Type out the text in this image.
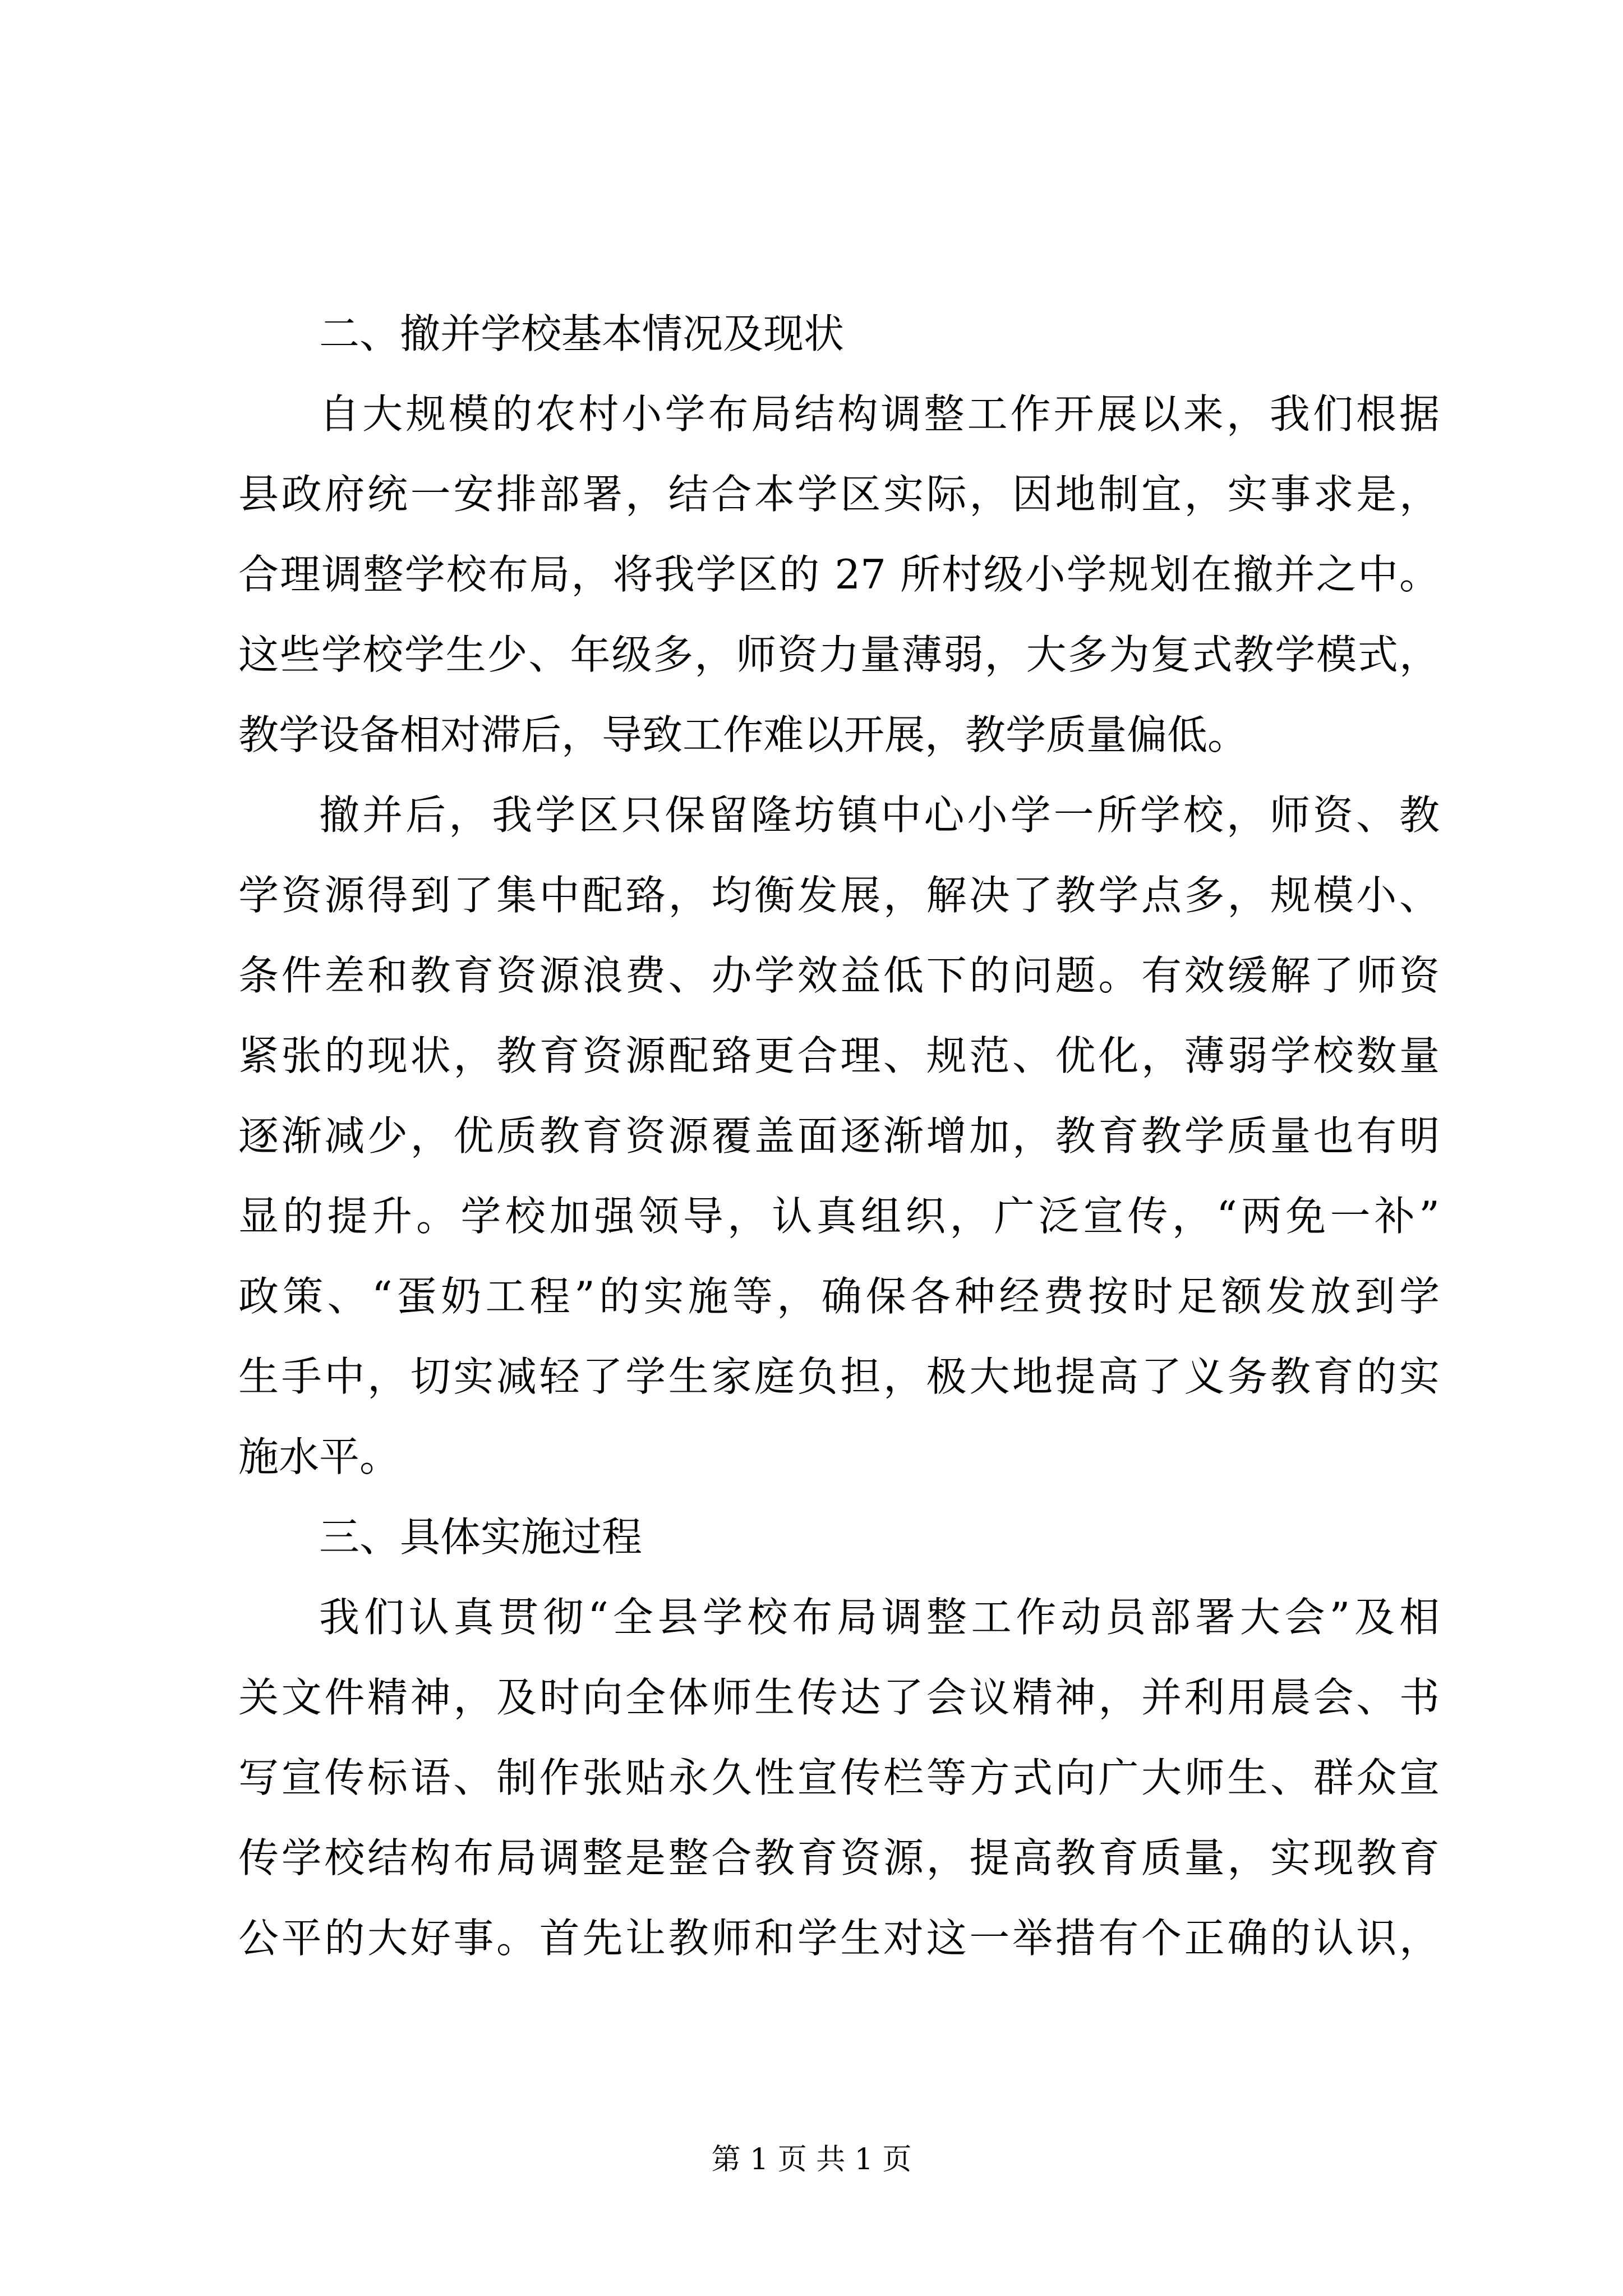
二、撤并学校基本情况及现状
自大规模的农村小学布局结构调整工作开展以来，我们根据
县政府统一安排部署，结合本学区实际，因地制宜，实事求是，
合理调整学校布局，将我学区的 27 所村级小学规划在撤并之中。
这些学校学生少、年级多，师资力量薄弱，大多为复式教学模式，
教学设备相对滞后，导致工作难以开展，教学质量偏低。
撤并后，我学区只保留隆坊镇中心小学一所学校，师资、教
学资源得到了集中配臵，均衡发展，解决了教学点多，规模小、
条件差和教育资源浪费、办学效益低下的问题。有效缓解了师资
紧张的现状，教育资源配臵更合理、规范、优化，薄弱学校数量
逐渐减少，优质教育资源覆盖面逐渐增加，教育教学质量也有明
显的提升。学校加强领导，认真组织，广泛宣传，“两免一补”
政策、“蛋奶工程”的实施等，确保各种经费按时足额发放到学
生手中，切实减轻了学生家庭负担，极大地提高了义务教育的实
施水平。
三、具体实施过程
我们认真贯彻“全县学校布局调整工作动员部署大会”及相
关文件精神，及时向全体师生传达了会议精神，并利用晨会、书
写宣传标语、制作张贴永久性宣传栏等方式向广大师生、群众宣
传学校结构布局调整是整合教育资源，提高教育质量，实现教育
公平的大好事。首先让教师和学生对这一举措有个正确的认识，
第 1 页 共 1 页
